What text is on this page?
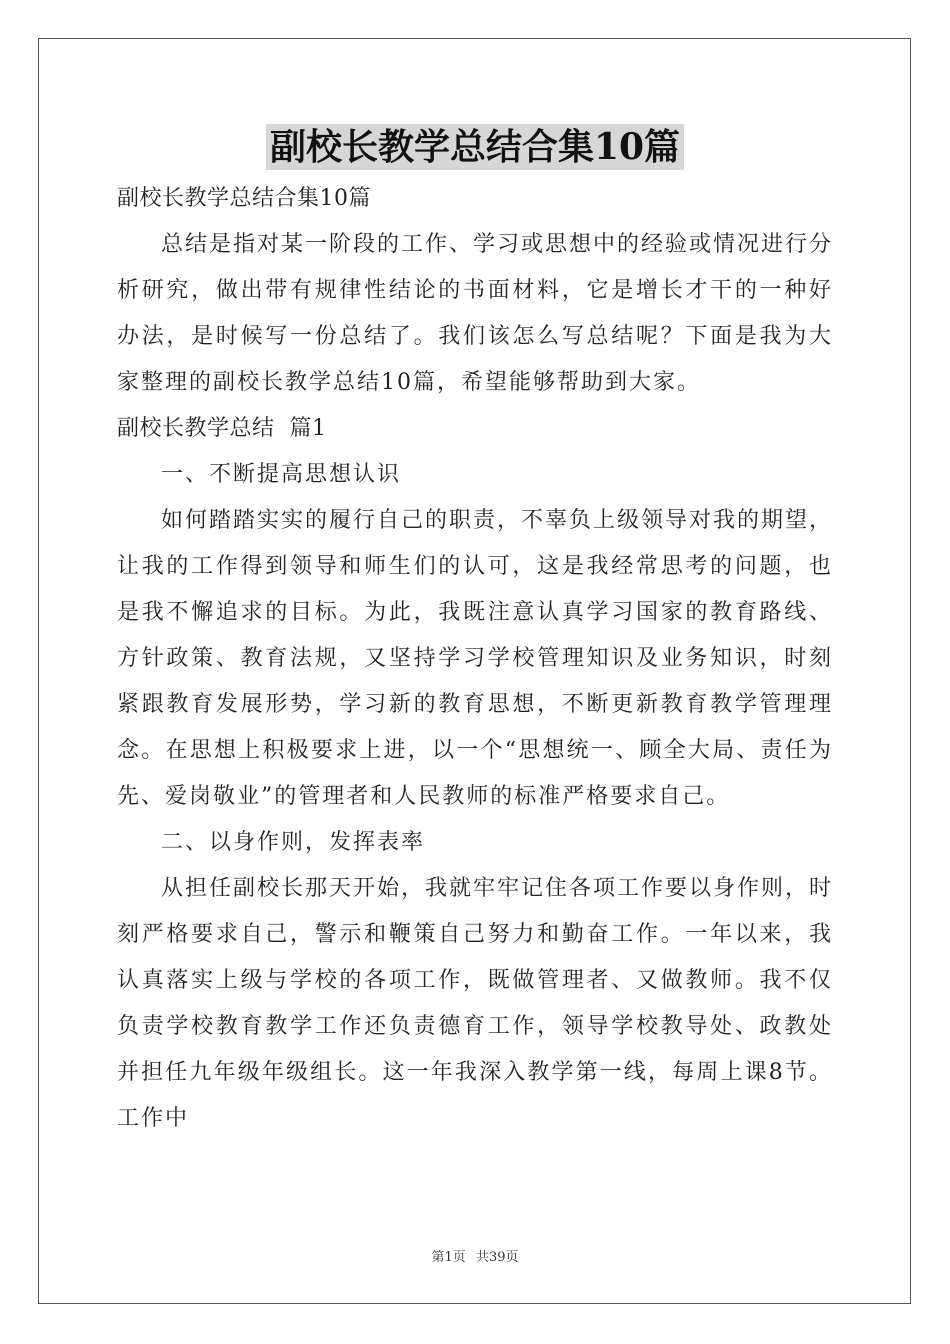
副校长教学总结合集10篇

副校长教学总结合集10篇

总结是指对某一阶段的工作、学习或思想中的经验或情况进行分析研究，做出带有规律性结论的书面材料，它是增长才干的一种好办法，是时候写一份总结了。我们该怎么写总结呢？下面是我为大家整理的副校长教学总结10篇，希望能够帮助到大家。

副校长教学总结  篇1

一、不断提高思想认识

如何踏踏实实的履行自己的职责，不辜负上级领导对我的期望，让我的工作得到领导和师生们的认可，这是我经常思考的问题，也是我不懈追求的目标。为此，我既注意认真学习国家的教育路线、方针政策、教育法规，又坚持学习学校管理知识及业务知识，时刻紧跟教育发展形势，学习新的教育思想，不断更新教育教学管理理念。在思想上积极要求上进，以一个“思想统一、顾全大局、责任为先、爱岗敬业”的管理者和人民教师的标准严格要求自己。

二、以身作则，发挥表率

从担任副校长那天开始，我就牢牢记住各项工作要以身作则，时刻严格要求自己，警示和鞭策自己努力和勤奋工作。一年以来，我认真落实上级与学校的各项工作，既做管理者、又做教师。我不仅负责学校教育教学工作还负责德育工作，领导学校教导处、政教处并担任九年级年级组长。这一年我深入教学第一线，每周上课8节。工作中

第1页 共39页
